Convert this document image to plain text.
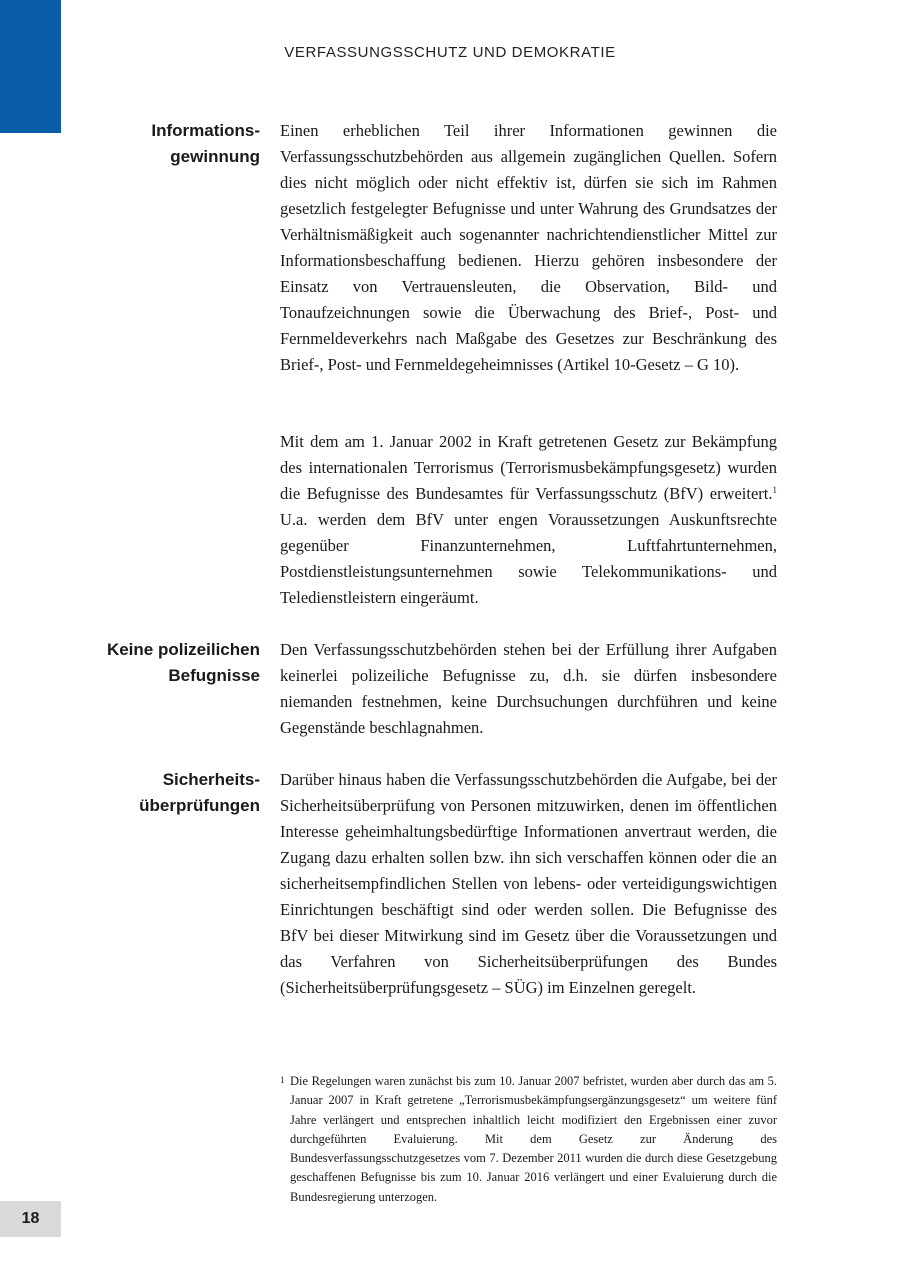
VERFASSUNGSSCHUTZ UND DEMOKRATIE
Informations-
gewinnung

Einen erheblichen Teil ihrer Informationen gewinnen die Verfassungsschutzbehörden aus allgemein zugänglichen Quellen. Sofern dies nicht möglich oder nicht effektiv ist, dürfen sie sich im Rahmen gesetzlich festgelegter Befugnisse und unter Wahrung des Grundsatzes der Verhältnismäßigkeit auch sogenannter nachrichtendienstlicher Mittel zur Informationsbeschaffung bedienen. Hierzu gehören insbesondere der Einsatz von Vertrauensleuten, die Observation, Bild- und Tonaufzeichnungen sowie die Überwachung des Brief-, Post- und Fernmeldeverkehrs nach Maßgabe des Gesetzes zur Beschränkung des Brief-, Post- und Fernmeldegeheimnisses (Artikel 10-Gesetz – G 10).

Mit dem am 1. Januar 2002 in Kraft getretenen Gesetz zur Bekämpfung des internationalen Terrorismus (Terrorismusbekämpfungsgesetz) wurden die Befugnisse des Bundesamtes für Verfassungsschutz (BfV) erweitert.$^1$ U.a. werden dem BfV unter engen Voraussetzungen Auskunftsrechte gegenüber Finanzunternehmen, Luftfahrtunternehmen, Postdienstleistungsunternehmen sowie Telekommunikations- und Teledienstleistern eingeräumt.

Keine polizeilichen
Befugnisse

Den Verfassungsschutzbehörden stehen bei der Erfüllung ihrer Aufgaben keinerlei polizeiliche Befugnisse zu, d.h. sie dürfen insbesondere niemanden festnehmen, keine Durchsuchungen durchführen und keine Gegenstände beschlagnahmen.

Sicherheits-
überprüfungen

Darüber hinaus haben die Verfassungsschutzbehörden die Aufgabe, bei der Sicherheitsüberprüfung von Personen mitzuwirken, denen im öffentlichen Interesse geheimhaltungsbedürftige Informationen anvertraut werden, die Zugang dazu erhalten sollen bzw. ihn sich verschaffen können oder die an sicherheitsempfindlichen Stellen von lebens- oder verteidigungswichtigen Einrichtungen beschäftigt sind oder werden sollen. Die Befugnisse des BfV bei dieser Mitwirkung sind im Gesetz über die Voraussetzungen und das Verfahren von Sicherheitsüberprüfungen des Bundes (Sicherheitsüberprüfungsgesetz – SÜG) im Einzelnen geregelt.

1 Die Regelungen waren zunächst bis zum 10. Januar 2007 befristet, wurden aber durch das am 5. Januar 2007 in Kraft getretene „Terrorismusbekämpfungsergänzungsgesetz“ um weitere fünf Jahre verlängert und entsprechen inhaltlich leicht modifiziert den Ergebnissen einer zuvor durchgeführten Evaluierung. Mit dem Gesetz zur Änderung des Bundesverfassungsschutzgesetzes vom 7. Dezember 2011 wurden die durch diese Gesetzgebung geschaffenen Befugnisse bis zum 10. Januar 2016 verlängert und einer Evaluierung durch die Bundesregierung unterzogen.
18
